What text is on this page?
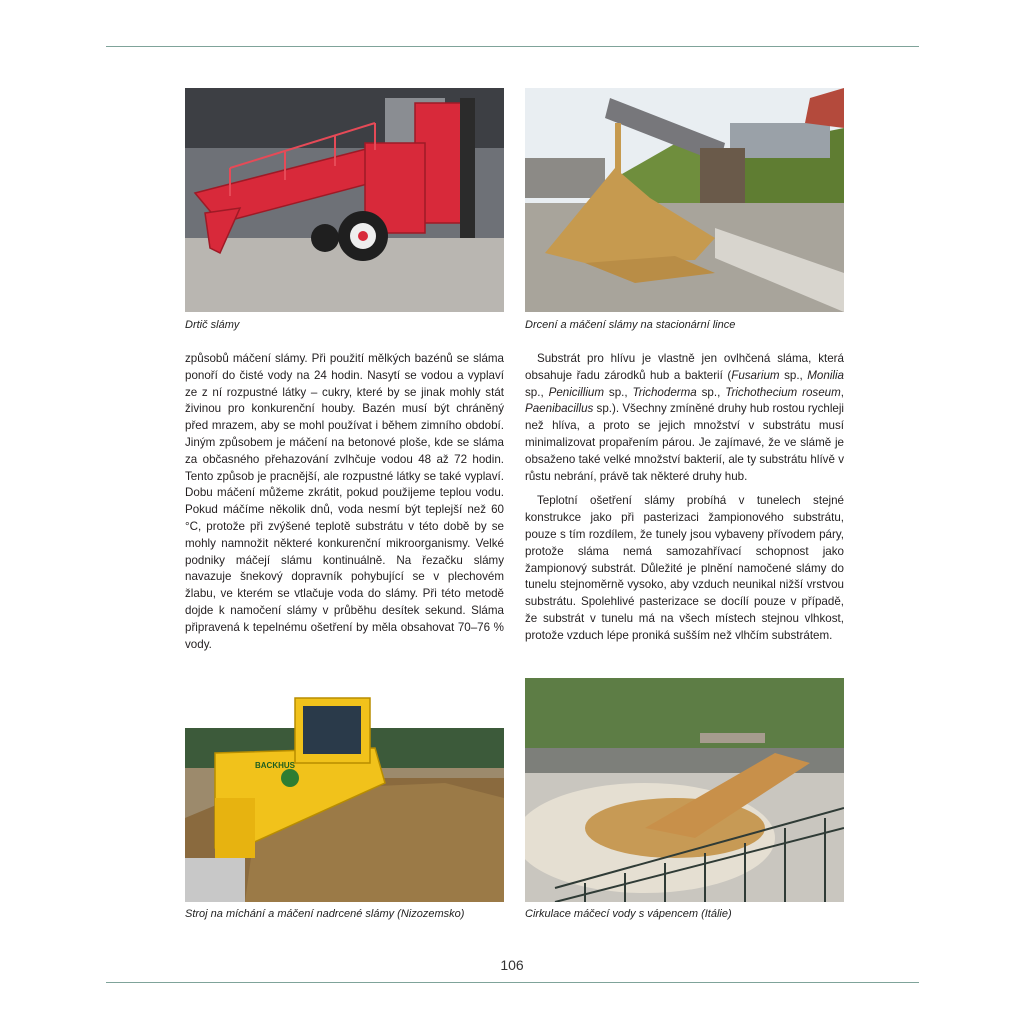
Drtič slámy	Drcení a máčení slámy na stacionární lince

způsobů máčení slámy. Při použití mělkých bazénů se sláma ponoří do čisté vody na 24 hodin. Nasytí se vodou a vyplaví ze z ní rozpustné látky – cukry, které by se jinak mohly stát živinou pro konkurenční houby. Bazén musí být chráněný před mrazem, aby se mohl používat i během zimního období. Jiným způsobem je máčení na betonové ploše, kde se sláma za občasného přehazování zvlhčuje vodou 48 až 72 hodin. Tento způsob je pracnější, ale rozpustné látky se také vyplaví. Dobu máčení můžeme zkrátit, pokud použijeme teplou vodu. Pokud máčíme několik dnů, voda nesmí být teplejší než 60 °C, protože při zvýšené teplotě substrátu v této době by se mohly namnožit některé konkurenční mikroorganismy. Velké podniky máčejí slámu kontinuálně. Na řezačku slámy navazuje šnekový dopravník pohybující se v plechovém žlabu, ve kterém se vtlačuje voda do slámy. Při této metodě dojde k namočení slámy v průběhu desítek sekund. Sláma připravená k tepelnému ošetření by měla obsahovat 70–76 % vody.

Substrát pro hlívu je vlastně jen ovlhčená sláma, která obsahuje řadu zárodků hub a bakterií (Fusarium sp., Monilia sp., Penicillium sp., Trichoderma sp., Trichothecium roseum, Paenibacillus sp.). Všechny zmíněné druhy hub rostou rychleji než hlíva, a proto se jejich množství v substrátu musí minimalizovat propařením párou. Je zajímavé, že ve slámě je obsaženo také velké množství bakterií, ale ty substrátu hlívě v růstu nebrání, právě tak některé druhy hub.

Teplotní ošetření slámy probíhá v tunelech stejné konstrukce jako při pasterizaci žampionového substrátu, pouze s tím rozdílem, že tunely jsou vybaveny přívodem páry, protože sláma nemá samozahřívací schopnost jako žampionový substrát. Důležité je plnění namočené slámy do tunelu stejnoměrně vysoko, aby vzduch neunikal nižší vrstvou substrátu. Spolehlivé pasterizace se docílí pouze v případě, že substrát v tunelu má na všech místech stejnou vlhkost, protože vzduch lépe proniká sušším než vlhčím substrátem.

BACKHUS
Stroj na míchání a máčení nadrcené slámy (Nizozemsko)	Cirkulace máčecí vody s vápencem (Itálie)
106
